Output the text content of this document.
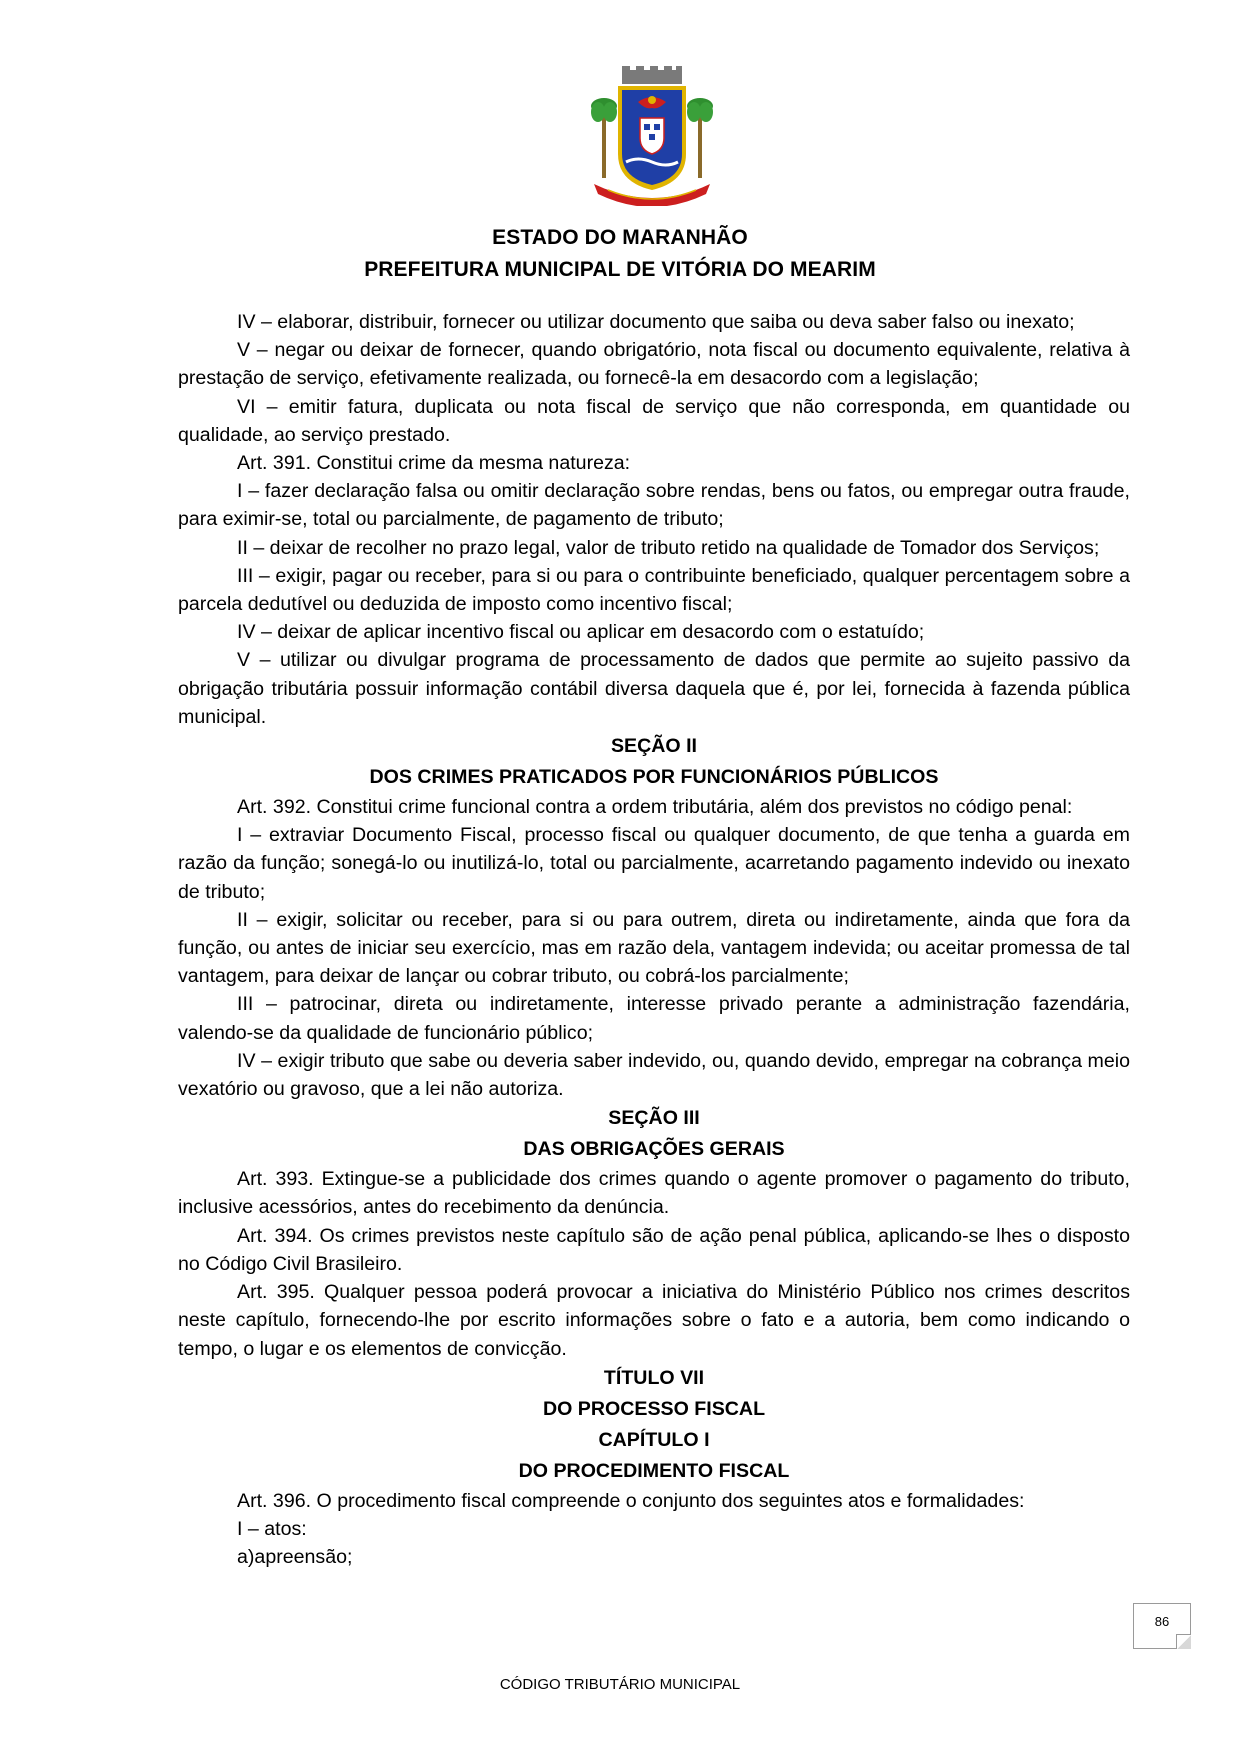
ESTADO DO MARANHÃO
PREFEITURA MUNICIPAL DE VITÓRIA DO MEARIM

IV – elaborar, distribuir, fornecer ou utilizar documento que saiba ou deva saber falso ou inexato;

V – negar ou deixar de fornecer, quando obrigatório, nota fiscal ou documento equivalente, relativa à prestação de serviço, efetivamente realizada, ou fornecê-la em desacordo com a legislação;

VI – emitir fatura, duplicata ou nota fiscal de serviço que não corresponda, em quantidade ou qualidade, ao serviço prestado.

Art. 391. Constitui crime da mesma natureza:

I – fazer declaração falsa ou omitir declaração sobre rendas, bens ou fatos, ou empregar outra fraude, para eximir-se, total ou parcialmente, de pagamento de tributo;

II – deixar de recolher no prazo legal, valor de tributo retido na qualidade de Tomador dos Serviços;

III – exigir, pagar ou receber, para si ou para o contribuinte beneficiado, qualquer percentagem sobre a parcela dedutível ou deduzida de imposto como incentivo fiscal;

IV – deixar de aplicar incentivo fiscal ou aplicar em desacordo com o estatuído;

V – utilizar ou divulgar programa de processamento de dados que permite ao sujeito passivo da obrigação tributária possuir informação contábil diversa daquela que é, por lei, fornecida à fazenda pública municipal.

SEÇÃO II

DOS CRIMES PRATICADOS POR FUNCIONÁRIOS PÚBLICOS

Art. 392. Constitui crime funcional contra a ordem tributária, além dos previstos no código penal:

I – extraviar Documento Fiscal, processo fiscal ou qualquer documento, de que tenha a guarda em razão da função; sonegá-lo ou inutilizá-lo, total ou parcialmente, acarretando pagamento indevido ou inexato de tributo;

II – exigir, solicitar ou receber, para si ou para outrem, direta ou indiretamente, ainda que fora da função, ou antes de iniciar seu exercício, mas em razão dela, vantagem indevida; ou aceitar promessa de tal vantagem, para deixar de lançar ou cobrar tributo, ou cobrá-los parcialmente;

III – patrocinar, direta ou indiretamente, interesse privado perante a administração fazendária, valendo-se da qualidade de funcionário público;

IV – exigir tributo que sabe ou deveria saber indevido, ou, quando devido, empregar na cobrança meio vexatório ou gravoso, que a lei não autoriza.

SEÇÃO III

DAS OBRIGAÇÕES GERAIS

Art. 393. Extingue-se a publicidade dos crimes quando o agente promover o pagamento do tributo, inclusive acessórios, antes do recebimento da denúncia.

Art. 394. Os crimes previstos neste capítulo são de ação penal pública, aplicando-se lhes o disposto no Código Civil Brasileiro.

Art. 395. Qualquer pessoa poderá provocar a iniciativa do Ministério Público nos crimes descritos neste capítulo, fornecendo-lhe por escrito informações sobre o fato e a autoria, bem como indicando o tempo, o lugar e os elementos de convicção.

TÍTULO VII

DO PROCESSO FISCAL

CAPÍTULO I

DO PROCEDIMENTO FISCAL

Art. 396. O procedimento fiscal compreende o conjunto dos seguintes atos e formalidades:

I – atos:

a)apreensão;

86
CÓDIGO TRIBUTÁRIO MUNICIPAL
